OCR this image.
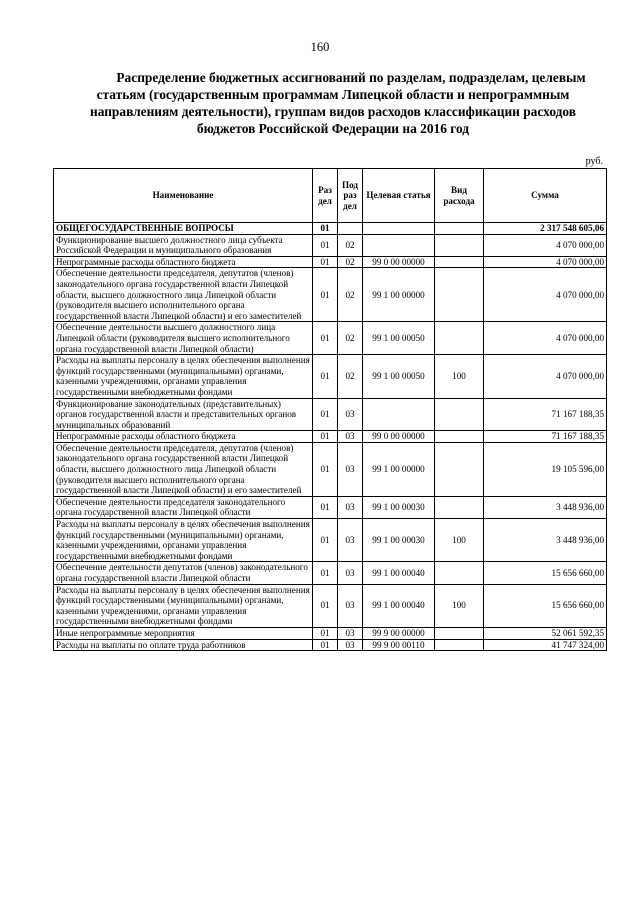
160
Распределение бюджетных ассигнований по разделам, подразделам, целевым статьям (государственным программам Липецкой области и непрограммным направлениям деятельности), группам видов расходов классификации расходов бюджетов Российской Федерации на 2016 год
руб.
Наименование	Раз дел	Под раз дел	Целевая статья	Вид расхода	Сумма
ОБЩЕГОСУДАРСТВЕННЫЕ ВОПРОСЫ	01				2 317 548 605,06
Функционирование высшего должностного лица субъекта Российской Федерации и муниципального образования	01	02			4 070 000,00
Непрограммные расходы областного бюджета	01	02	99 0 00 00000		4 070 000,00
Обеспечение деятельности председателя, депутатов (членов) законодательного органа государственной власти Липецкой области, высшего должностного лица Липецкой области (руководителя высшего исполнительного органа государственной власти Липецкой области) и его заместителей	01	02	99 1 00 00000		4 070 000,00
Обеспечение деятельности высшего должностного лица Липецкой области (руководителя высшего исполнительного органа государственной власти Липецкой области)	01	02	99 1 00 00050		4 070 000,00
Расходы на выплаты персоналу в целях обеспечения выполнения функций государственными (муниципальными) органами, казенными учреждениями, органами управления государственными внебюджетными фондами	01	02	99 1 00 00050	100	4 070 000,00
Функционирование законодательных (представительных) органов государственной власти и представительных органов муниципальных образований	01	03			71 167 188,35
Непрограммные расходы областного бюджета	01	03	99 0 00 00000		71 167 188,35
Обеспечение деятельности председателя, депутатов (членов) законодательного органа государственной власти Липецкой области, высшего должностного лица Липецкой области (руководителя высшего исполнительного органа государственной власти Липецкой области) и его заместителей	01	03	99 1 00 00000		19 105 596,00
Обеспечение деятельности председателя законодательного органа государственной власти Липецкой области	01	03	99 1 00 00030		3 448 936,00
Расходы на выплаты персоналу в целях обеспечения выполнения функций государственными (муниципальными) органами, казенными учреждениями, органами управления государственными внебюджетными фондами	01	03	99 1 00 00030	100	3 448 936,00
Обеспечение деятельности депутатов (членов) законодательного органа государственной власти Липецкой области	01	03	99 1 00 00040		15 656 660,00
Расходы на выплаты персоналу в целях обеспечения выполнения функций государственными (муниципальными) органами, казенными учреждениями, органами управления государственными внебюджетными фондами	01	03	99 1 00 00040	100	15 656 660,00
Иные непрограммные мероприятия	01	03	99 9 00 00000		52 061 592,35
Расходы на выплаты по оплате труда работников	01	03	99 9 00 00110		41 747 324,00
